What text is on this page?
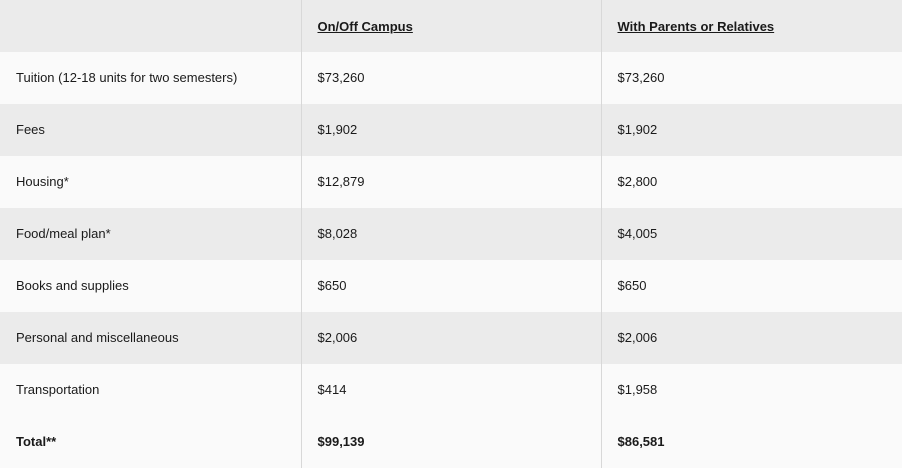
	On/Off Campus	With Parents or Relatives

Tuition (12-18 units for two semesters)	$73,260	$73,260

Fees	$1,902	$1,902

Housing*	$12,879	$2,800

Food/meal plan*	$8,028	$4,005

Books and supplies	$650	$650

Personal and miscellaneous	$2,006	$2,006

Transportation	$414	$1,958

Total**	$99,139	$86,581
